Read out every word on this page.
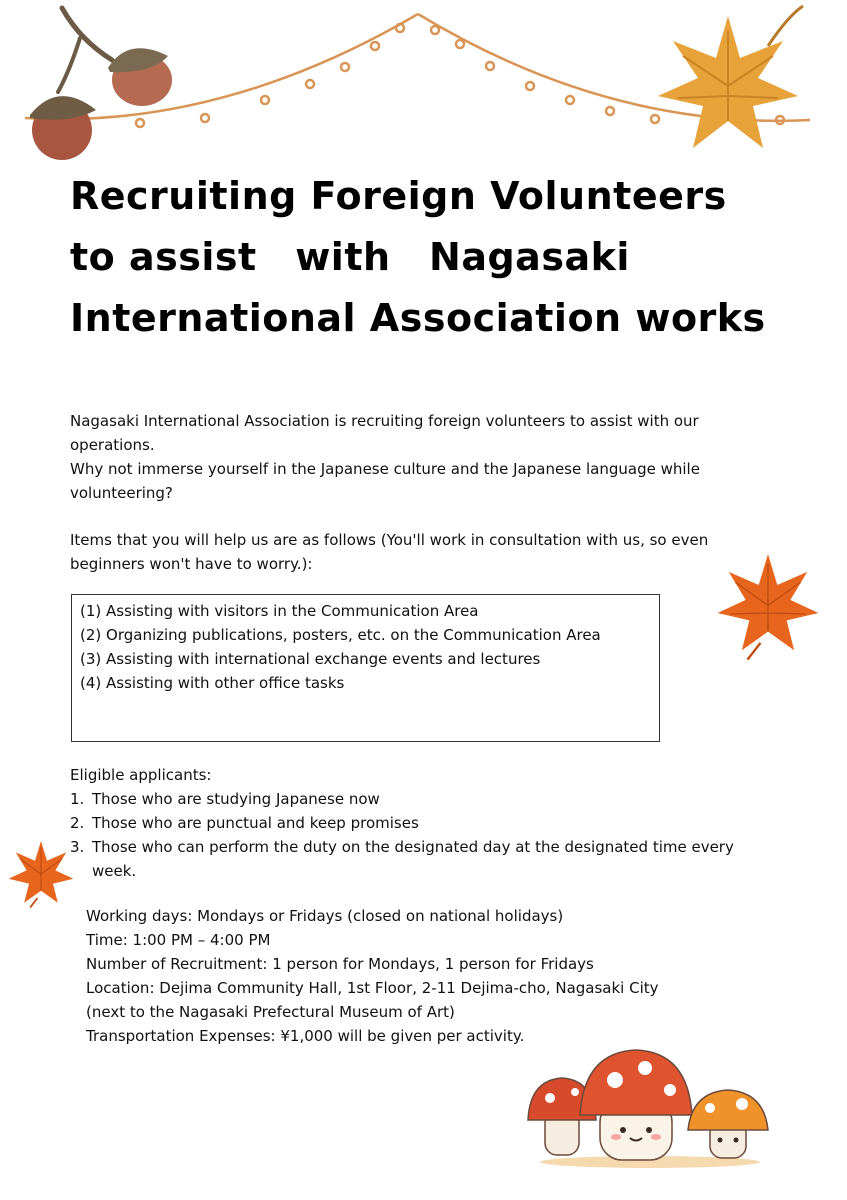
Recruiting Foreign Volunteers
to assist　with　Nagasaki
International Association works

Nagasaki International Association is recruiting foreign volunteers to assist with our operations.

Why not immerse yourself in the Japanese culture and the Japanese language while volunteering?

Items that you will help us are as follows (You'll work in consultation with us, so even beginners won't have to worry.):
(1) Assisting with visitors in the Communication Area
(2) Organizing publications, posters, etc. on the Communication Area
(3) Assisting with international exchange events and lectures
(4) Assisting with other office tasks
Eligible applicants:
1. Those who are studying Japanese now
2. Those who are punctual and keep promises
3. Those who can perform the duty on the designated day at the designated time every week.
Working days: Mondays or Fridays (closed on national holidays)
Time: 1:00 PM – 4:00 PM
Number of Recruitment: 1 person for Mondays, 1 person for Fridays
Location: Dejima Community Hall, 1st Floor, 2-11 Dejima-cho, Nagasaki City
(next to the Nagasaki Prefectural Museum of Art)
Transportation Expenses: ¥1,000 will be given per activity.
